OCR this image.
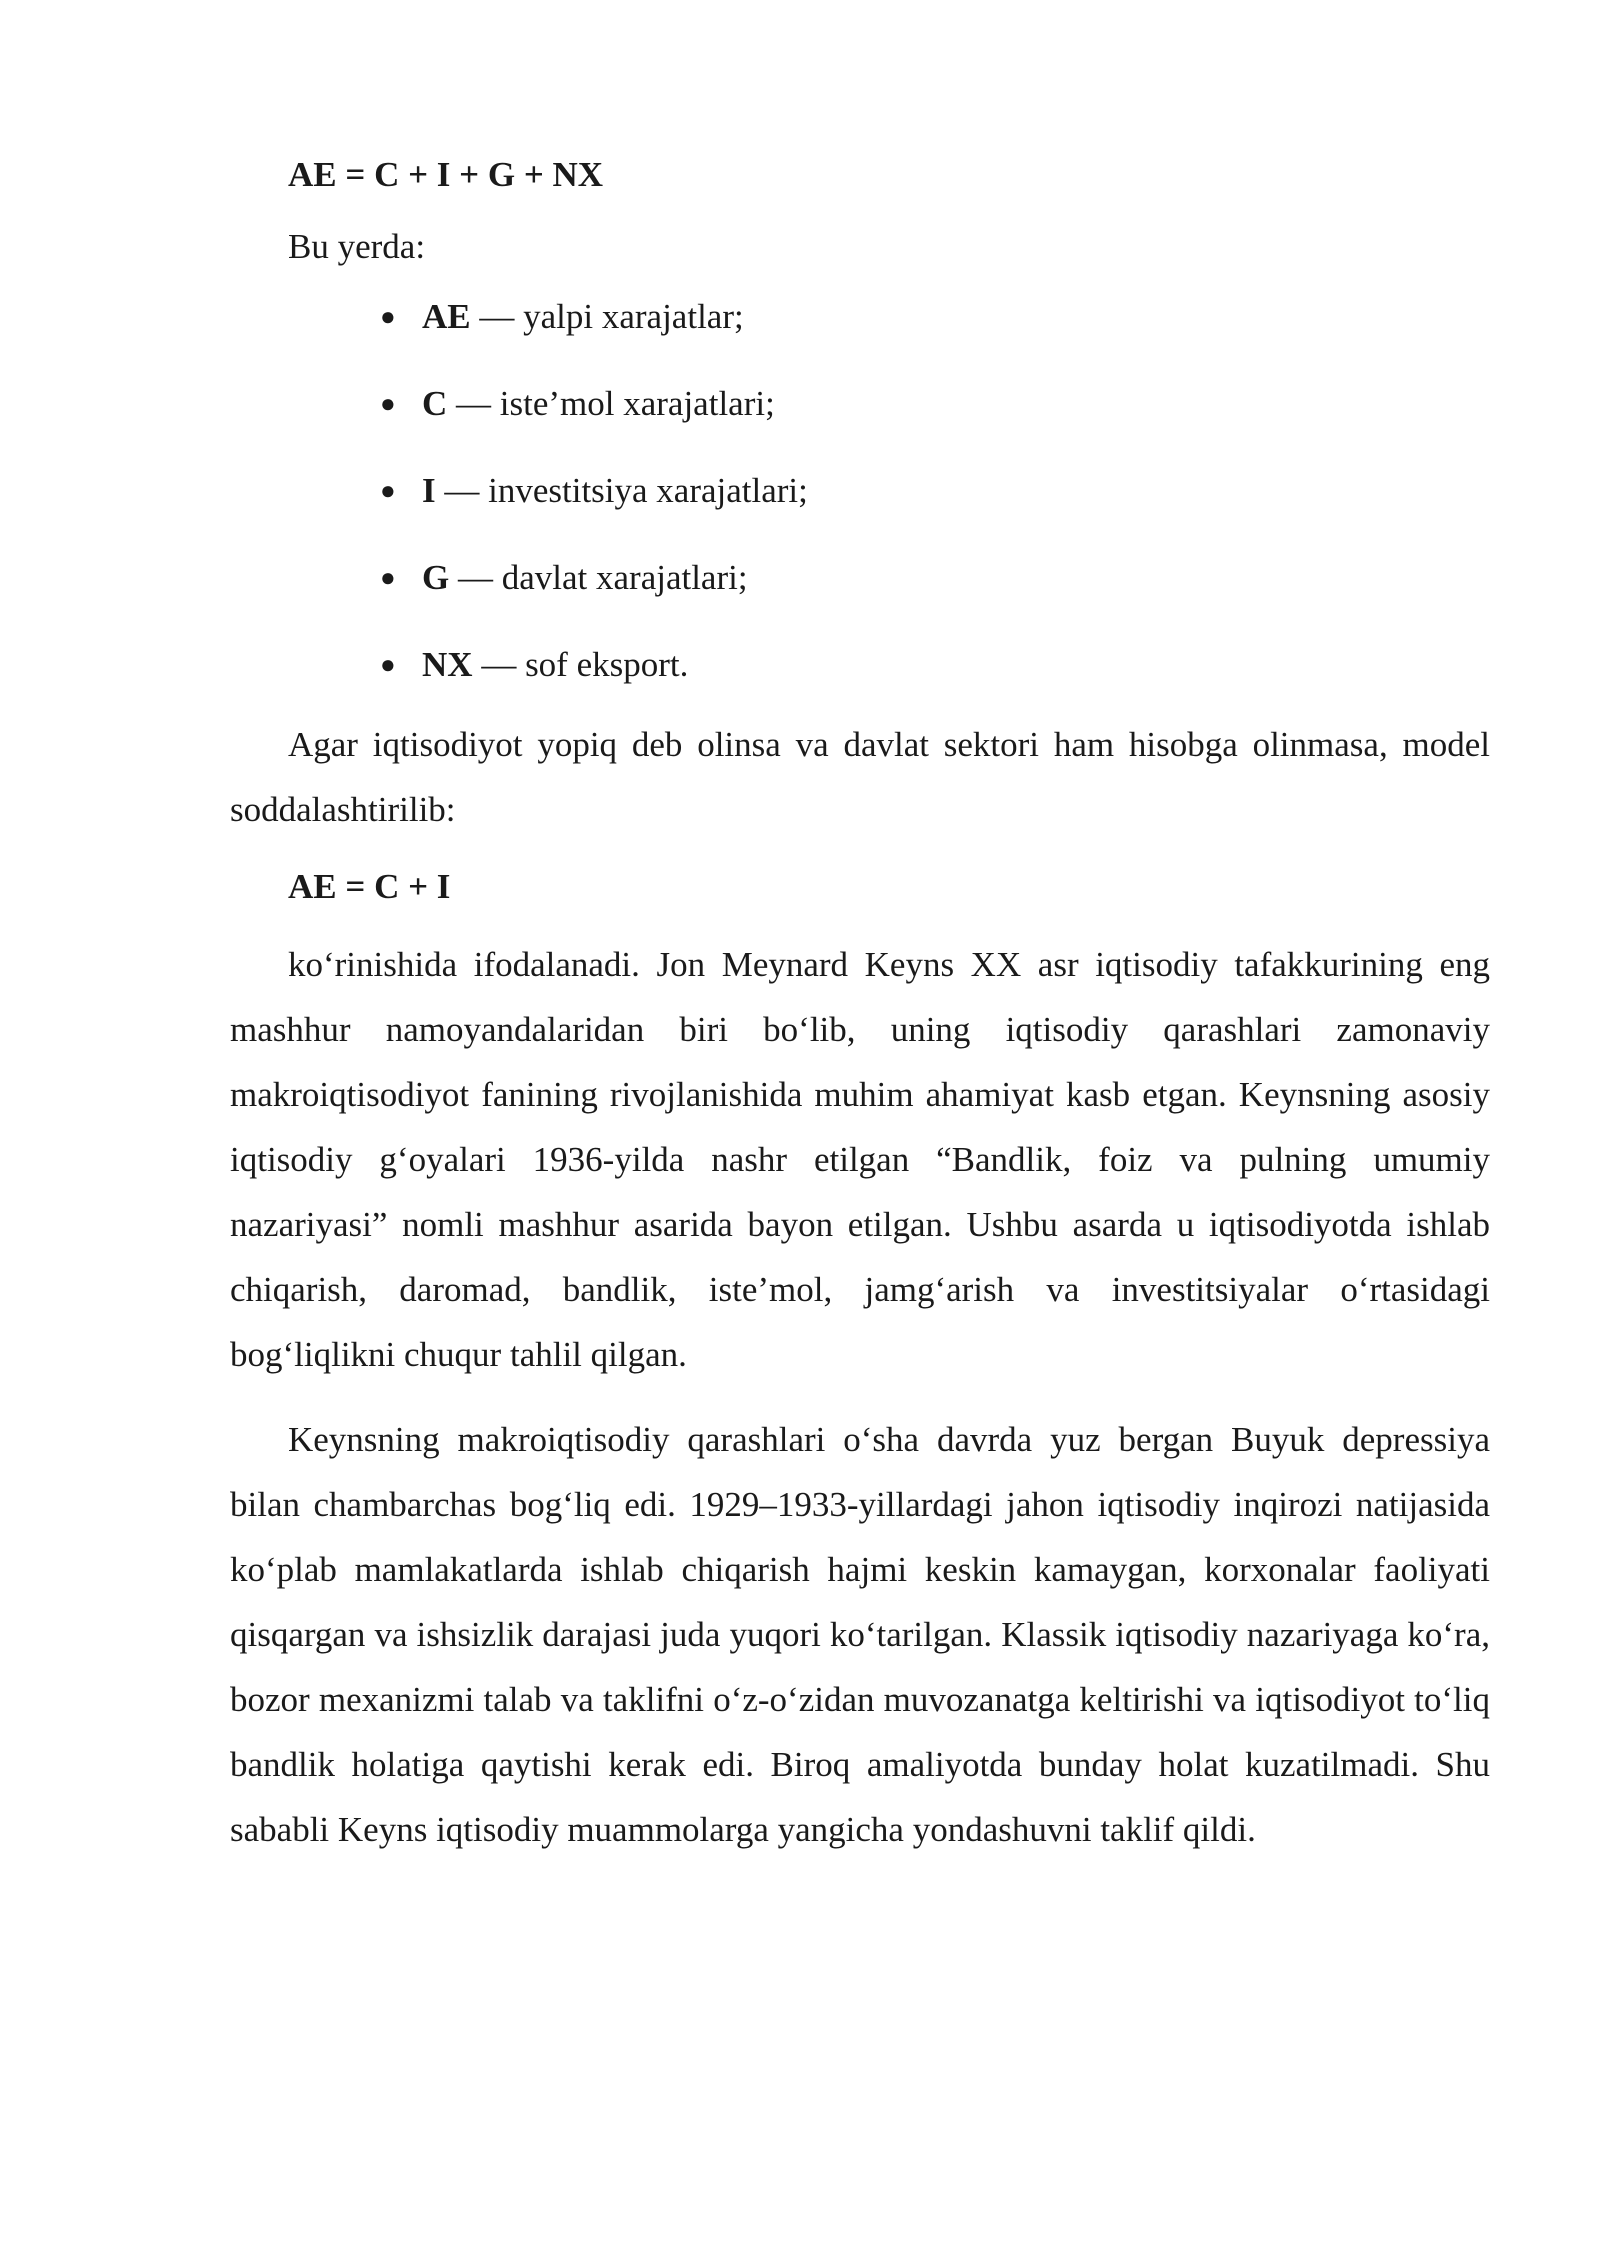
AE = C + I + G + NX

Bu yerda:

● AE — yalpi xarajatlar;
● C — iste’mol xarajatlari;
● I — investitsiya xarajatlari;
● G — davlat xarajatlari;
● NX — sof eksport.

Agar iqtisodiyot yopiq deb olinsa va davlat sektori ham hisobga olinmasa, model soddalashtirilib:

AE = C + I

ko‘rinishida ifodalanadi. Jon Meynard Keyns XX asr iqtisodiy tafakkurining eng mashhur namoyandalaridan biri bo‘lib, uning iqtisodiy qarashlari zamonaviy makroiqtisodiyot fanining rivojlanishida muhim ahamiyat kasb etgan. Keynsning asosiy iqtisodiy g‘oyalari 1936-yilda nashr etilgan “Bandlik, foiz va pulning umumiy nazariyasi” nomli mashhur asarida bayon etilgan. Ushbu asarda u iqtisodiyotda ishlab chiqarish, daromad, bandlik, iste’mol, jamg‘arish va investitsiyalar o‘rtasidagi bog‘liqlikni chuqur tahlil qilgan.

Keynsning makroiqtisodiy qarashlari o‘sha davrda yuz bergan Buyuk depressiya bilan chambarchas bog‘liq edi. 1929–1933-yillardagi jahon iqtisodiy inqirozi natijasida ko‘plab mamlakatlarda ishlab chiqarish hajmi keskin kamaygan, korxonalar faoliyati qisqargan va ishsizlik darajasi juda yuqori ko‘tarilgan. Klassik iqtisodiy nazariyaga ko‘ra, bozor mexanizmi talab va taklifni o‘z-o‘zidan muvozanatga keltirishi va iqtisodiyot to‘liq bandlik holatiga qaytishi kerak edi. Biroq amaliyotda bunday holat kuzatilmadi. Shu sababli Keyns iqtisodiy muammolarga yangicha yondashuvni taklif qildi.
